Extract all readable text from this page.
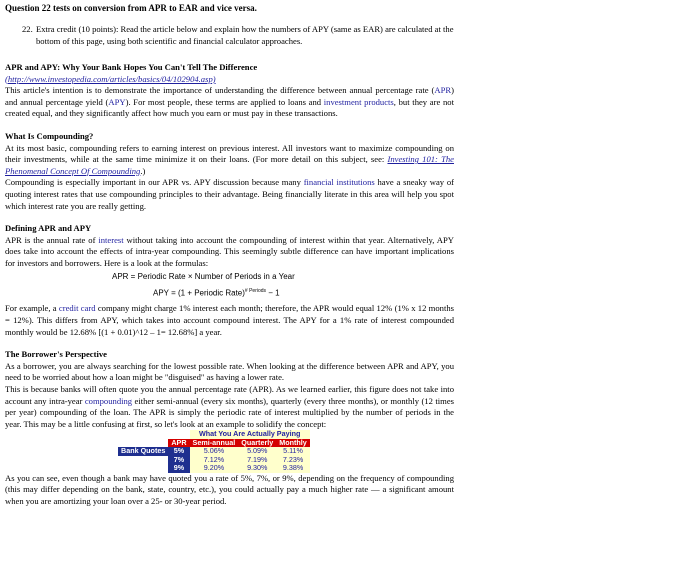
Question 22 tests on conversion from APR to EAR and vice versa.
22. Extra credit (10 points): Read the article below and explain how the numbers of APY (same as EAR) are calculated at the bottom of this page, using both scientific and financial calculator approaches.
APR and APY: Why Your Bank Hopes You Can't Tell The Difference
(http://www.investopedia.com/articles/basics/04/102904.asp)
This article's intention is to demonstrate the importance of understanding the difference between annual percentage rate (APR) and annual percentage yield (APY). For most people, these terms are applied to loans and investment products, but they are not created equal, and they significantly affect how much you earn or must pay in these transactions.
What Is Compounding?
At its most basic, compounding refers to earning interest on previous interest. All investors want to maximize compounding on their investments, while at the same time minimize it on their loans. (For more detail on this subject, see: Investing 101: The Phenomenal Concept Of Compounding.)
Compounding is especially important in our APR vs. APY discussion because many financial institutions have a sneaky way of quoting interest rates that use compounding principles to their advantage. Being financially literate in this area will help you spot which interest rate you are really getting.
Defining APR and APY
APR is the annual rate of interest without taking into account the compounding of interest within that year. Alternatively, APY does take into account the effects of intra-year compounding. This seemingly subtle difference can have important implications for investors and borrowers. Here is a look at the formulas:
APR = Periodic Rate × Number of Periods in a Year
APY = (1 + Periodic Rate)$^{\# Periods}$ − 1
For example, a credit card company might charge 1% interest each month; therefore, the APR would equal 12% (1% x 12 months = 12%). This differs from APY, which takes into account compound interest. The APY for a 1% rate of interest compounded monthly would be 12.68% [(1 + 0.01)^12 – 1= 12.68%] a year.
The Borrower's Perspective
As a borrower, you are always searching for the lowest possible rate. When looking at the difference between APR and APY, you need to be worried about how a loan might be "disguised" as having a lower rate.
This is because banks will often quote you the annual percentage rate (APR). As we learned earlier, this figure does not take into account any intra-year compounding either semi-annual (every six months), quarterly (every three months), or monthly (12 times per year) compounding of the loan. The APR is simply the periodic rate of interest multiplied by the number of periods in the year. This may be a little confusing at first, so let's look at an example to solidify the concept:
		What You Are Actually Paying		
	APR	Semi-annual	Quarterly	Monthly
Bank Quotes	5%	5.06%	5.09%	5.11%
	7%	7.12%	7.19%	7.23%
	9%	9.20%	9.30%	9.38%
As you can see, even though a bank may have quoted you a rate of 5%, 7%, or 9%, depending on the frequency of compounding (this may differ depending on the bank, state, country, etc.), you could actually pay a much higher rate — a significant amount when you are amortizing your loan over a 25- or 30-year period.
